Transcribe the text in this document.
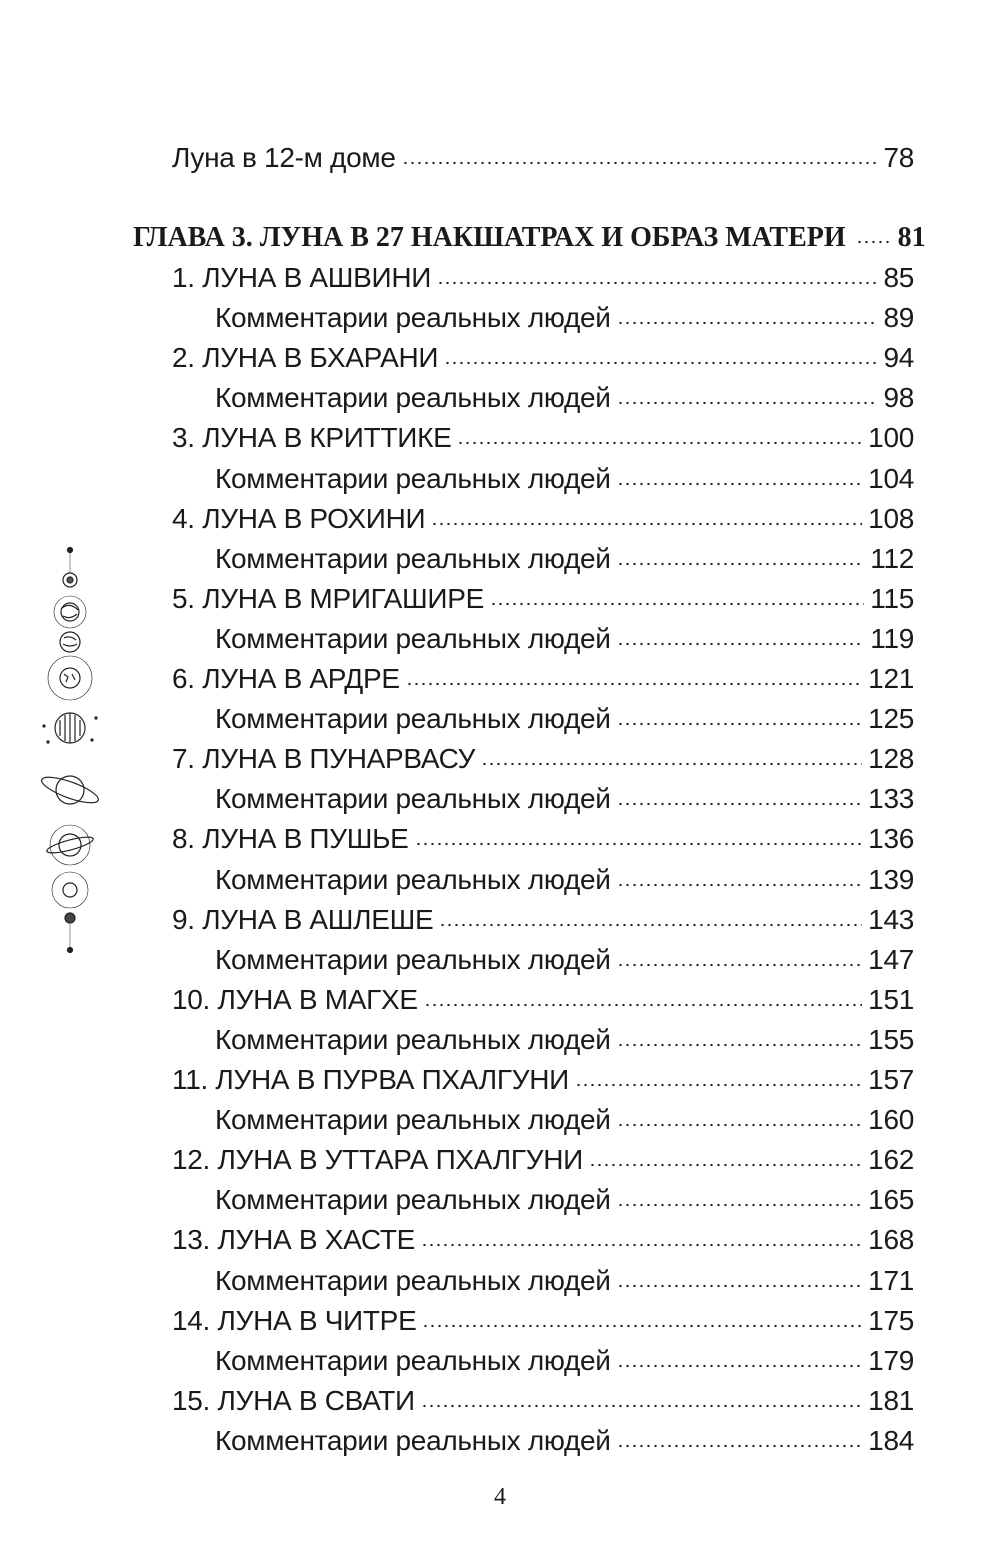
Луна в 12-м доме	78
ГЛАВА 3. ЛУНА В 27 НАКШАТРАХ И ОБРАЗ МАТЕРИ 81
1. ЛУНА В АШВИНИ	85
Комментарии реальных людей	89
2. ЛУНА В БХАРАНИ	94
Комментарии реальных людей	98
3. ЛУНА В КРИТТИКЕ	100
Комментарии реальных людей	104
4. ЛУНА В РОХИНИ	108
Комментарии реальных людей	112
5. ЛУНА В МРИГАШИРЕ	115
Комментарии реальных людей	119
6. ЛУНА В АРДРЕ	121
Комментарии реальных людей	125
7. ЛУНА В ПУНАРВАСУ	128
Комментарии реальных людей	133
8. ЛУНА В ПУШЬЕ	136
Комментарии реальных людей	139
9. ЛУНА В АШЛЕШЕ	143
Комментарии реальных людей	147
10. ЛУНА В МАГХЕ	151
Комментарии реальных людей	155
11. ЛУНА В ПУРВА ПХАЛГУНИ	157
Комментарии реальных людей	160
12. ЛУНА В УТТАРА ПХАЛГУНИ	162
Комментарии реальных людей	165
13. ЛУНА В ХАСТЕ	168
Комментарии реальных людей	171
14. ЛУНА В ЧИТРЕ	175
Комментарии реальных людей	179
15. ЛУНА В СВАТИ	181
Комментарии реальных людей	184
4
